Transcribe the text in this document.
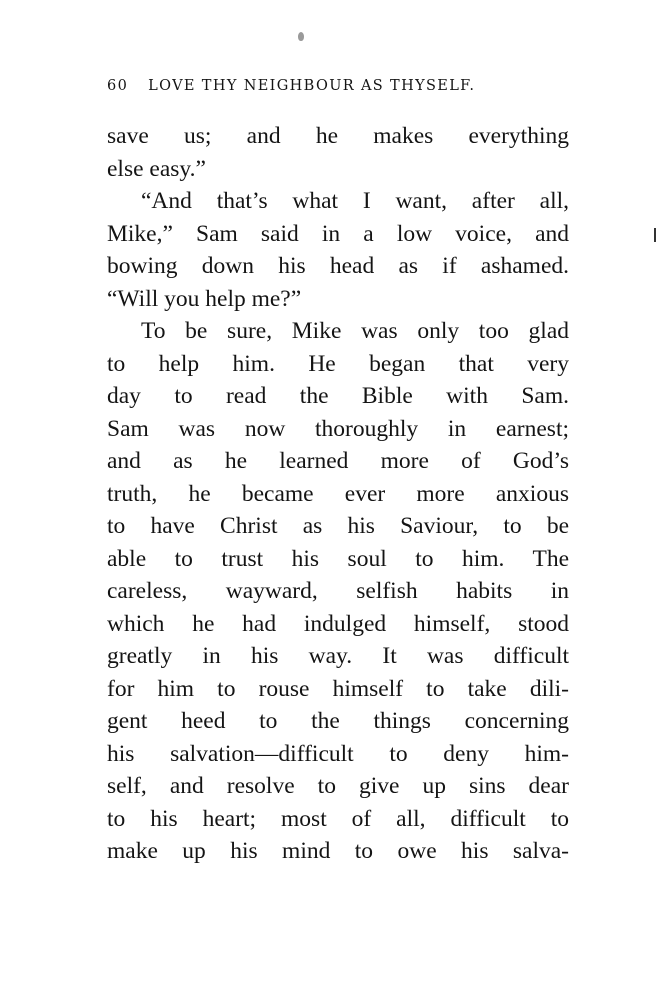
60 LOVE THY NEIGHBOUR AS THYSELF.
save us; and he makes everything
else easy.”
“And that’s what I want, after all,
Mike,” Sam said in a low voice, and
bowing down his head as if ashamed.
“Will you help me?”
To be sure, Mike was only too glad
to help him. He began that very
day to read the Bible with Sam.
Sam was now thoroughly in earnest;
and as he learned more of God’s
truth, he became ever more anxious
to have Christ as his Saviour, to be
able to trust his soul to him. The
careless, wayward, selfish habits in
which he had indulged himself, stood
greatly in his way. It was difficult
for him to rouse himself to take dili-
gent heed to the things concerning
his salvation—difficult to deny him-
self, and resolve to give up sins dear
to his heart; most of all, difficult to
make up his mind to owe his salva-
